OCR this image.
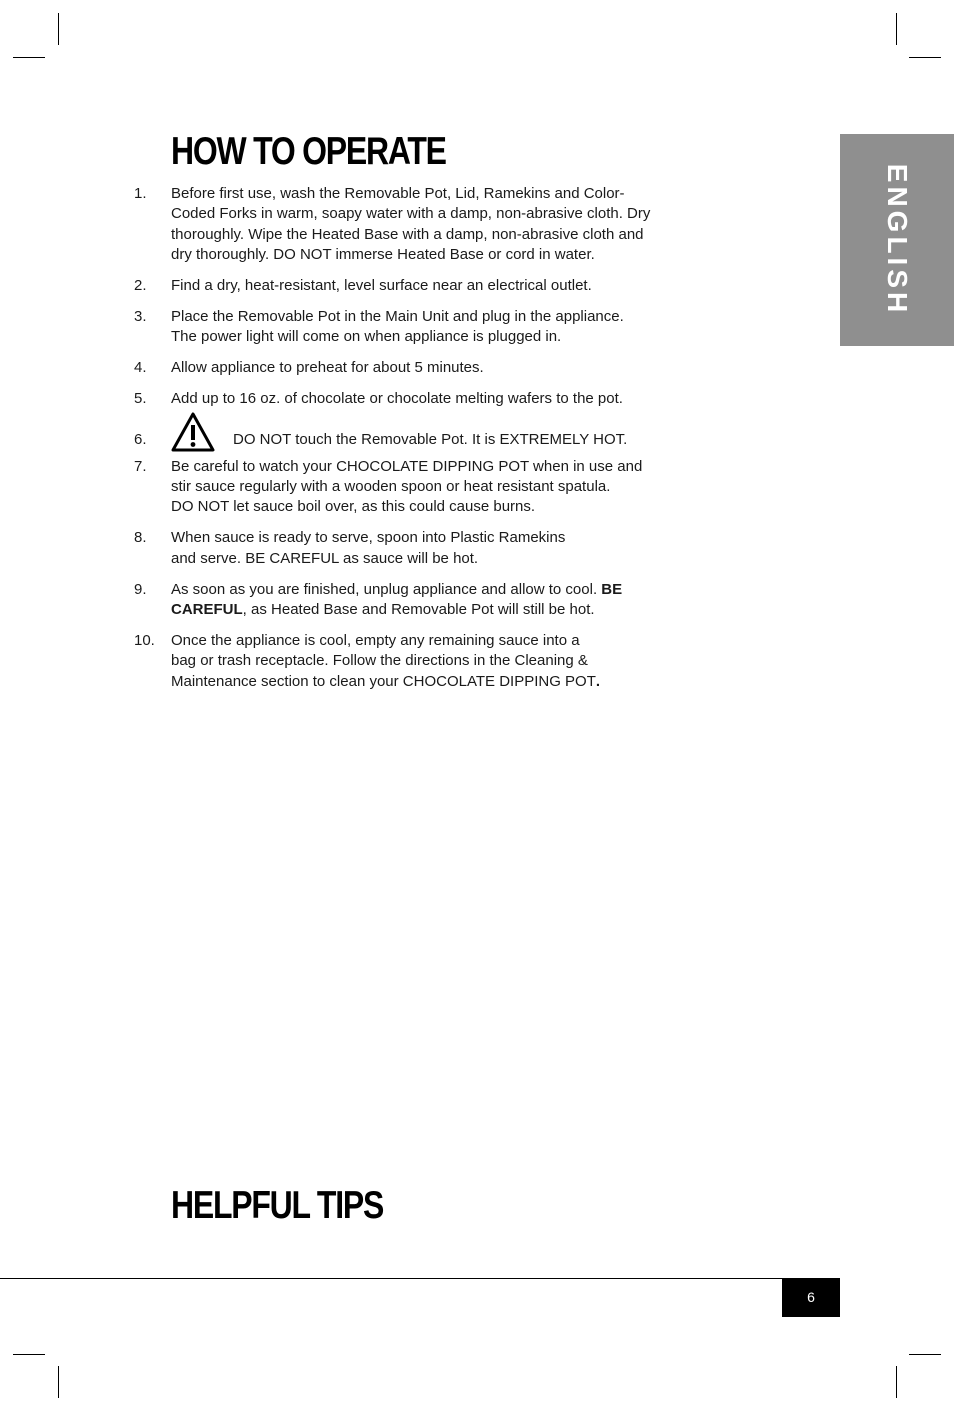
ENGLISH
HOW TO OPERATE
1. Before first use, wash the Removable Pot, Lid, Ramekins and Color-
Coded Forks in warm, soapy water with a damp, non-abrasive cloth. Dry
thoroughly. Wipe the Heated Base with a damp, non-abrasive cloth and
dry thoroughly. DO NOT immerse Heated Base or cord in water.
2. Find a dry, heat-resistant, level surface near an electrical outlet.
3. Place the Removable Pot in the Main Unit and plug in the appliance.
The power light will come on when appliance is plugged in.
4. Allow appliance to preheat for about 5 minutes.
5. Add up to 16 oz. of chocolate or chocolate melting wafers to the pot.
6.	DO NOT touch the Removable Pot. It is EXTREMELY HOT.
7. Be careful to watch your CHOCOLATE DIPPING POT when in use and
stir sauce regularly with a wooden spoon or heat resistant spatula.
DO NOT let sauce boil over, as this could cause burns.
8. When sauce is ready to serve, spoon into Plastic Ramekins
and serve. BE CAREFUL as sauce will be hot.
9. As soon as you are finished, unplug appliance and allow to cool. BE
CAREFUL, as Heated Base and Removable Pot will still be hot.
10. Once the appliance is cool, empty any remaining sauce into a
bag or trash receptacle. Follow the directions in the Cleaning &
Maintenance section to clean your CHOCOLATE DIPPING POT.
HELPFUL TIPS
6
